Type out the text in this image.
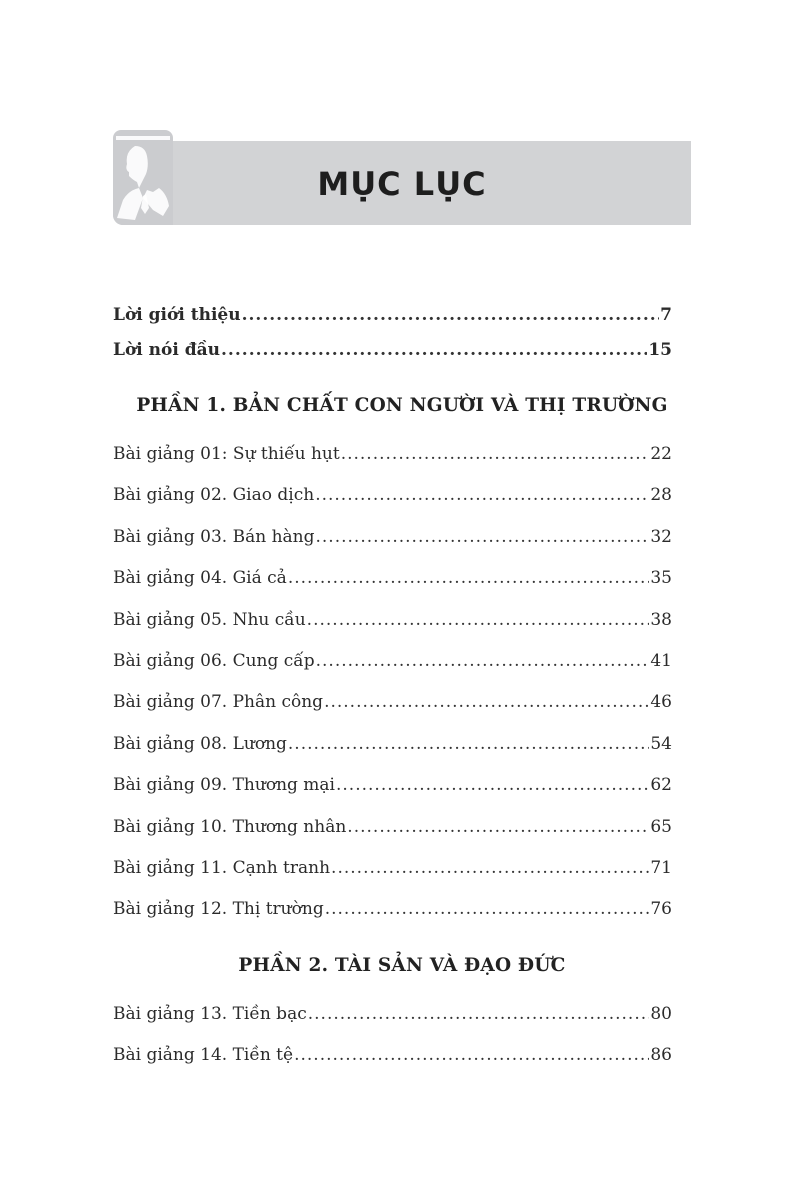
MỤC LỤC
Lời giới thiệu .....	7
Lời nói đầu .....	15
PHẦN 1. BẢN CHẤT CON NGƯỜI VÀ THỊ TRƯỜNG
Bài giảng 01: Sự thiếu hụt .....	22
Bài giảng 02. Giao dịch .....	28
Bài giảng 03. Bán hàng .....	32
Bài giảng 04. Giá cả .....	35
Bài giảng 05. Nhu cầu .....	38
Bài giảng 06. Cung cấp .....	41
Bài giảng 07. Phân công .....	46
Bài giảng 08. Lương .....	54
Bài giảng 09. Thương mại .....	62
Bài giảng 10. Thương nhân .....	65
Bài giảng 11. Cạnh tranh .....	71
Bài giảng 12. Thị trường .....	76
PHẦN 2. TÀI SẢN VÀ ĐẠO ĐỨC
Bài giảng 13. Tiền bạc .....	80
Bài giảng 14. Tiền tệ .....	86
